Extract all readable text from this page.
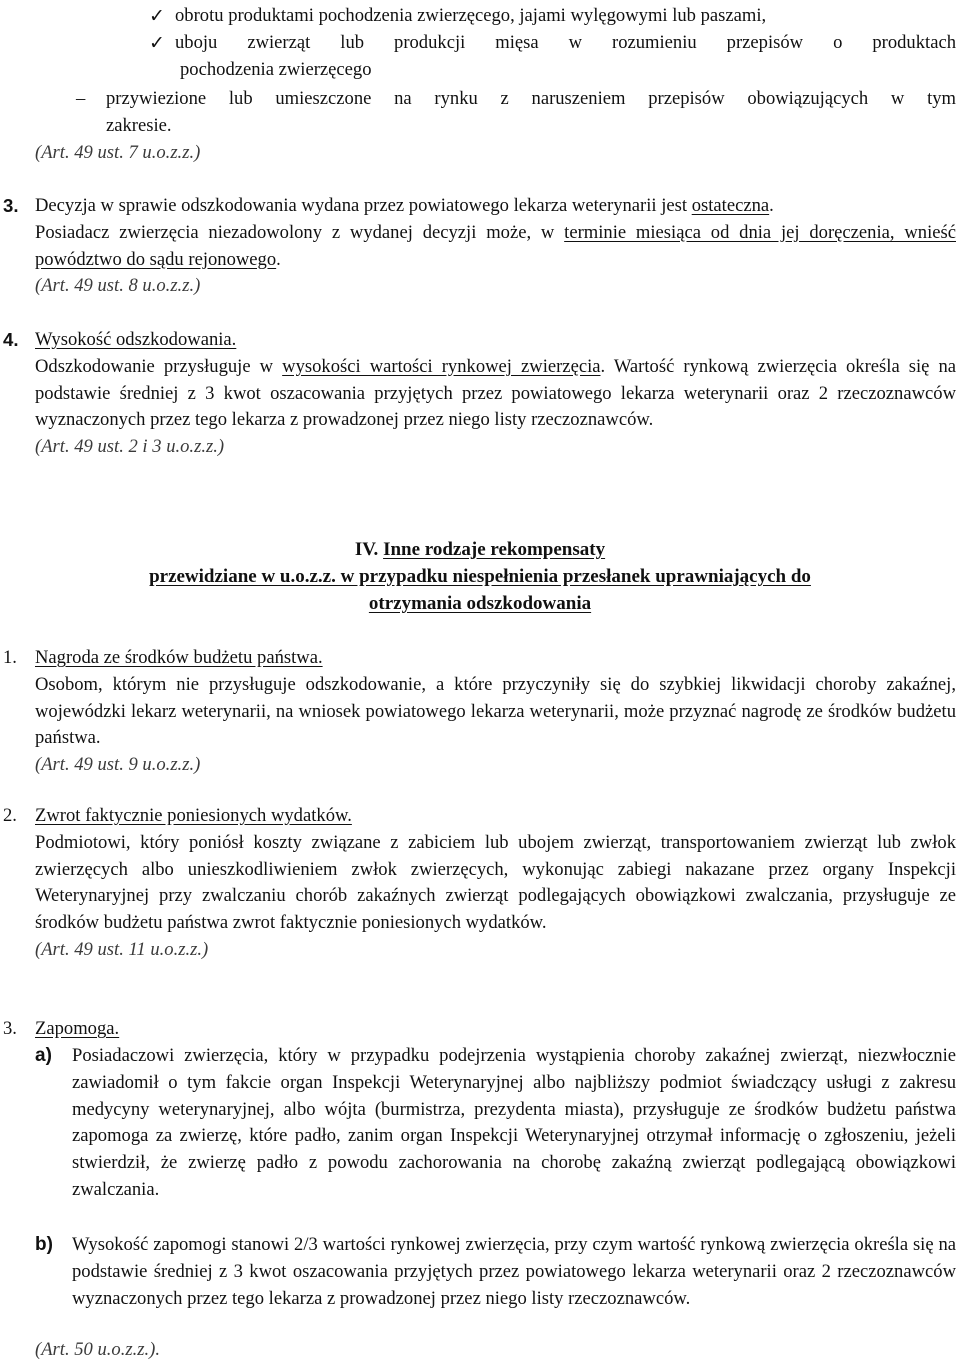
✓ obrotu produktami pochodzenia zwierzęcego, jajami wylęgowymi lub paszami,
✓ uboju zwierząt lub produkcji mięsa w rozumieniu przepisów o produktach
pochodzenia zwierzęcego
– przywiezione lub umieszczone na rynku z naruszeniem przepisów obowiązujących w tym
zakresie.
(Art. 49 ust. 7 u.o.z.z.)
3. Decyzja w sprawie odszkodowania wydana przez powiatowego lekarza weterynarii jest ostateczna.

Posiadacz zwierzęcia niezadowolony z wydanej decyzji może, w terminie miesiąca od dnia jej doręczenia, wnieść powództwo do sądu rejonowego.

(Art. 49 ust. 8 u.o.z.z.)

4. Wysokość odszkodowania.

Odszkodowanie przysługuje w wysokości wartości rynkowej zwierzęcia. Wartość rynkową zwierzęcia określa się na podstawie średniej z 3 kwot oszacowania przyjętych przez powiatowego lekarza weterynarii oraz 2 rzeczoznawców wyznaczonych przez tego lekarza z prowadzonej przez niego listy rzeczoznawców.

(Art. 49 ust. 2 i 3 u.o.z.z.)

IV. Inne rodzaje rekompensaty
przewidziane w u.o.z.z. w przypadku niespełnienia przesłanek uprawniających do
otrzymania odszkodowania
1. Nagroda ze środków budżetu państwa.

Osobom, którym nie przysługuje odszkodowanie, a które przyczyniły się do szybkiej likwidacji choroby zakaźnej, wojewódzki lekarz weterynarii, na wniosek powiatowego lekarza weterynarii, może przyznać nagrodę ze środków budżetu państwa.

(Art. 49 ust. 9 u.o.z.z.)

2. Zwrot faktycznie poniesionych wydatków.

Podmiotowi, który poniósł koszty związane z zabiciem lub ubojem zwierząt, transportowaniem zwierząt lub zwłok zwierzęcych albo unieszkodliwieniem zwłok zwierzęcych, wykonując zabiegi nakazane przez organy Inspekcji Weterynaryjnej przy zwalczaniu chorób zakaźnych zwierząt podlegających obowiązkowi zwalczania, przysługuje ze środków budżetu państwa zwrot faktycznie poniesionych wydatków.

(Art. 49 ust. 11 u.o.z.z.)

3. Zapomoga.
a) Posiadaczowi zwierzęcia, który w przypadku podejrzenia wystąpienia choroby zakaźnej zwierząt, niezwłocznie zawiadomił o tym fakcie organ Inspekcji Weterynaryjnej albo najbliższy podmiot świadczący usługi z zakresu medycyny weterynaryjnej, albo wójta (burmistrza, prezydenta miasta), przysługuje ze środków budżetu państwa zapomoga za zwierzę, które padło, zanim organ Inspekcji Weterynaryjnej otrzymał informację o zgłoszeniu, jeżeli stwierdził, że zwierzę padło z powodu zachorowania na chorobę zakaźną zwierząt podlegającą obowiązkowi zwalczania.

b) Wysokość zapomogi stanowi 2/3 wartości rynkowej zwierzęcia, przy czym wartość rynkową zwierzęcia określa się na podstawie średniej z 3 kwot oszacowania przyjętych przez powiatowego lekarza weterynarii oraz 2 rzeczoznawców wyznaczonych przez tego lekarza z prowadzonej przez niego listy rzeczoznawców.

(Art. 50 u.o.z.z.).
